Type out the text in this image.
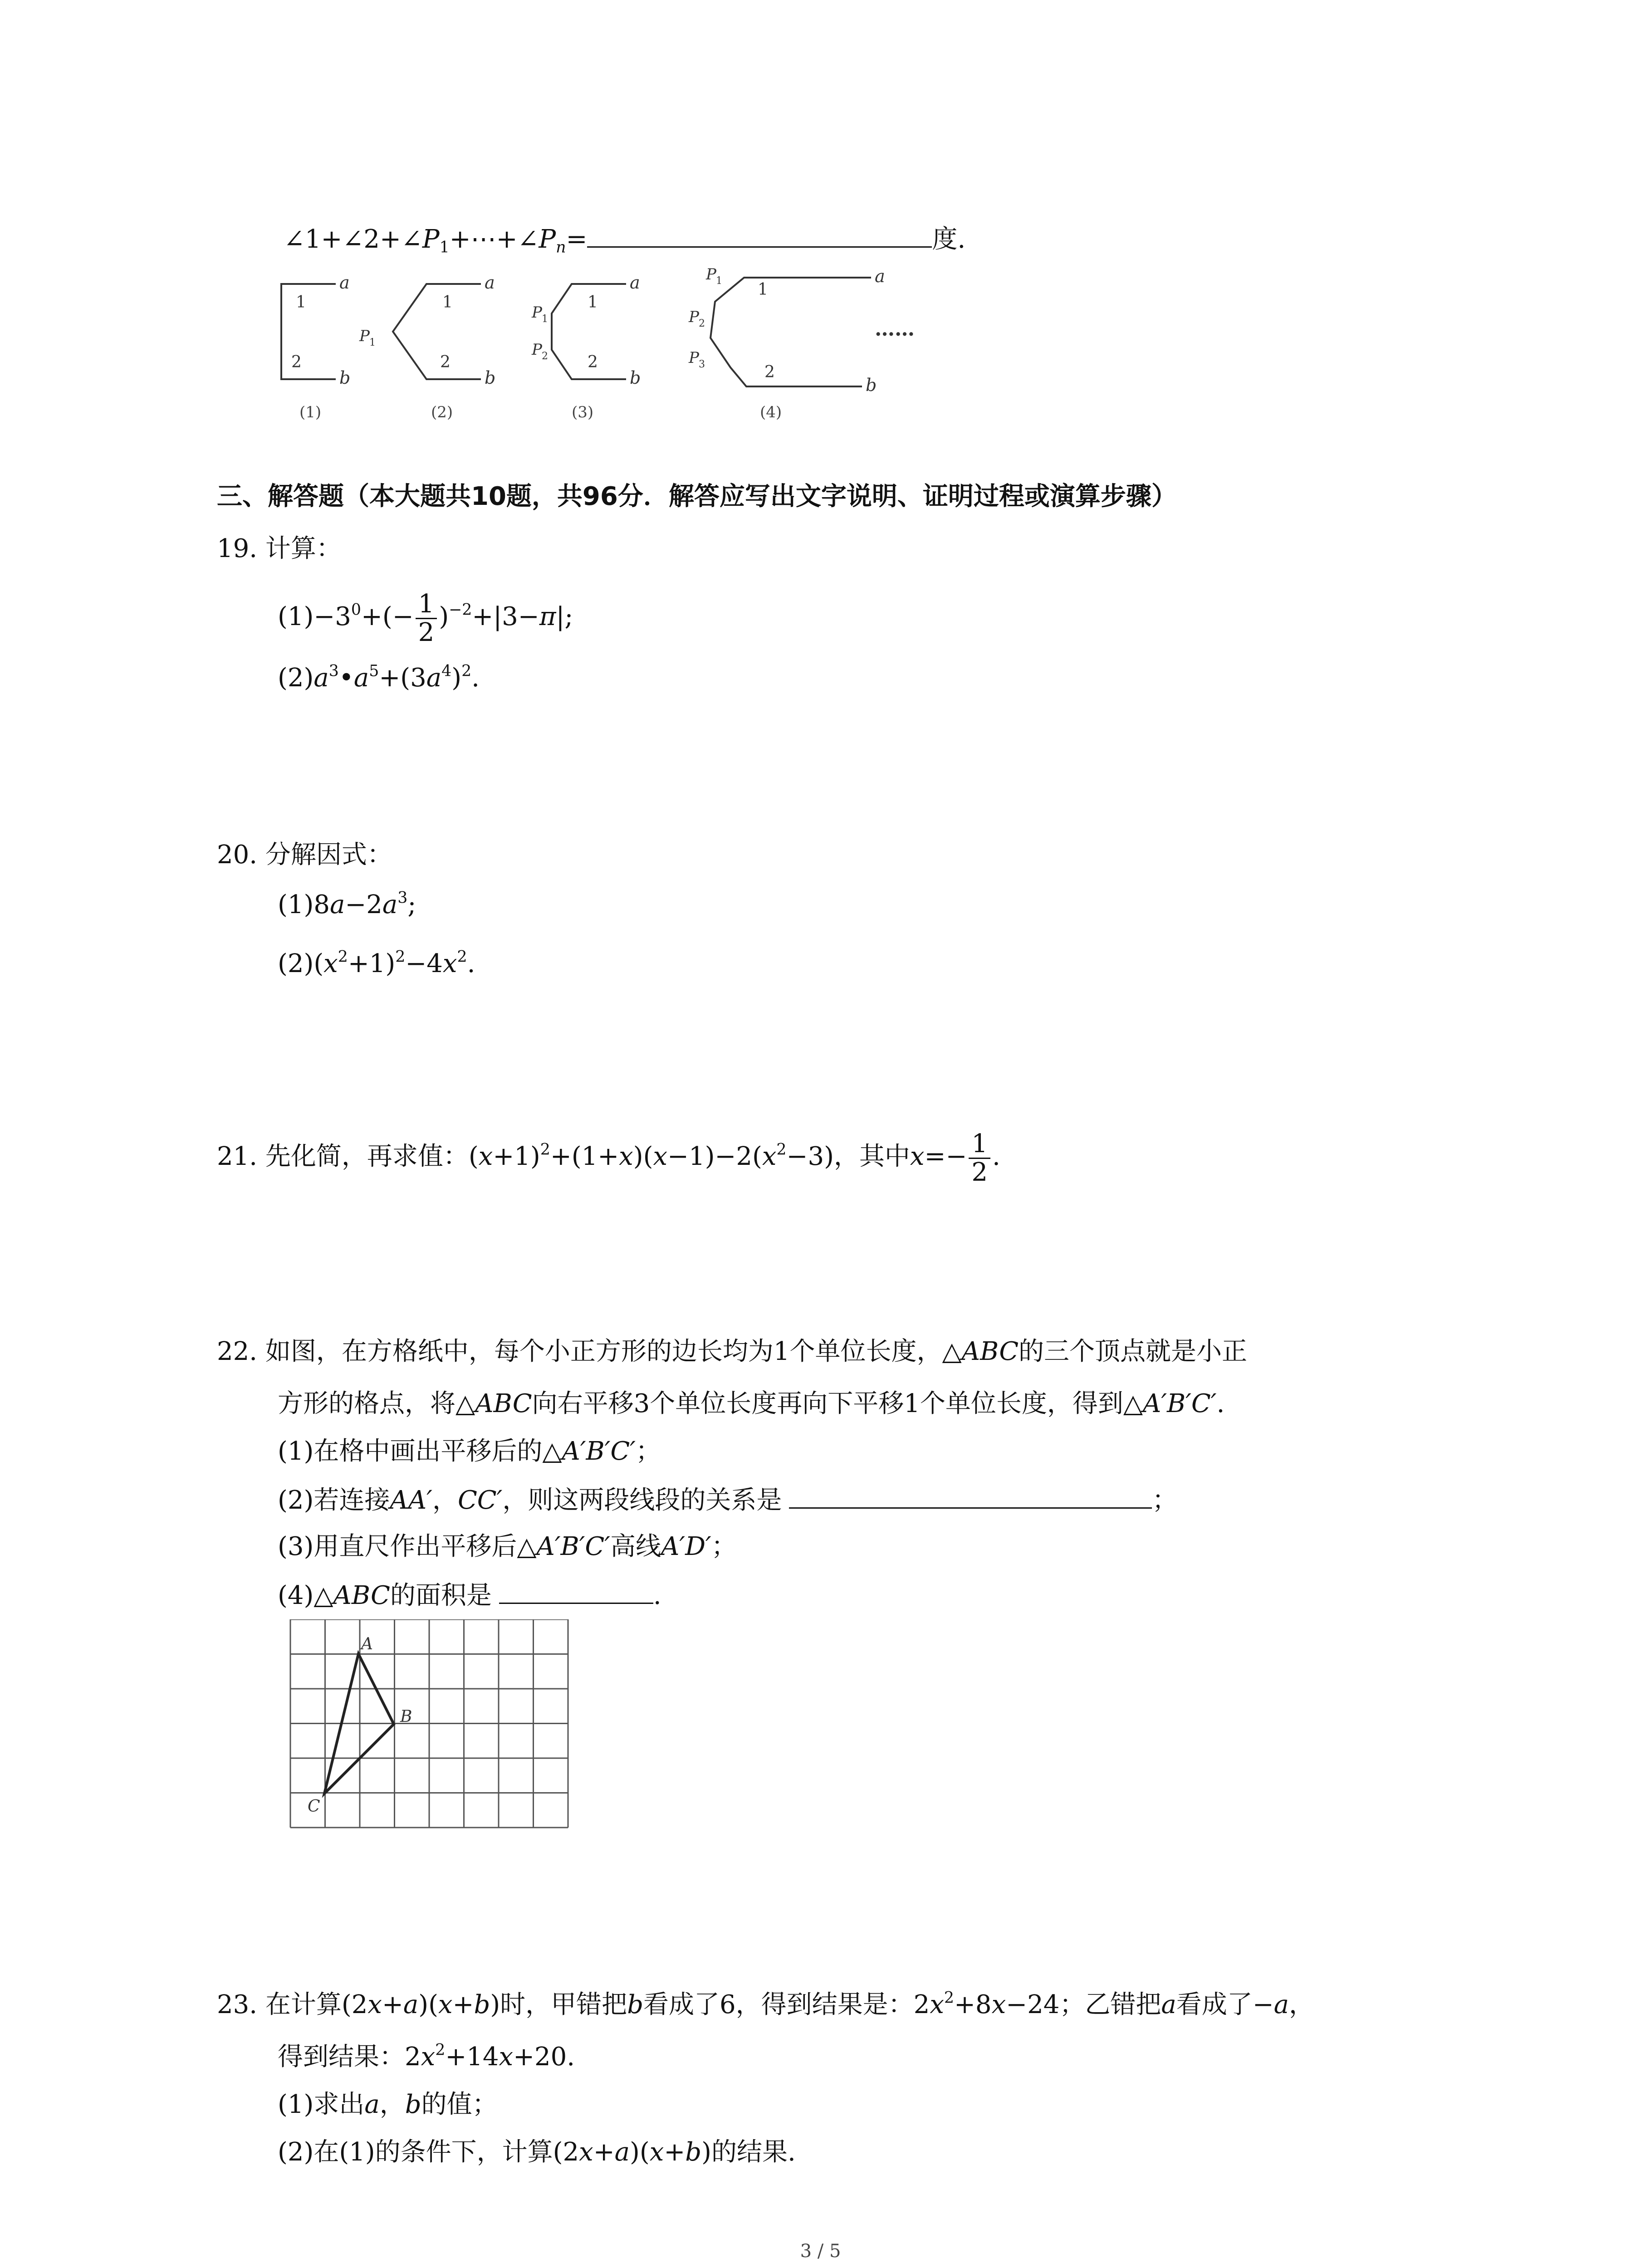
$\angle 1+\angle 2+\angle P_1+\cdots+\angle P_n=$	度.
a
b
a
b
a
b
a
b
1
2
1
2
1
2
1
2
P 1
P 1
P 2
P 1
P 2
P 3
……
(1)	(2)	(3)	(4)
三、解答题（本大题共10题，共96分．解答应写出文字说明、证明过程或演算步骤）
19. 计算：
$(1)-3^0+(- \frac{1}{2} )^{-2}+|3-\pi|$;
$(2)a^3•a^5+(3a^4)^2$.
20. 分解因式：
$(1)8a-2a^3$;
$(2)(x^2+1)^2-4x^2$.
21. 先化简，再求值：$(x+1)^2+(1+x)(x-1)-2(x^2-3)$，其中$x=- \frac{1}{2}$ .
22. 如图，在方格纸中，每个小正方形的边长均为1个单位长度，△ABC的三个顶点就是小正
方形的格点，将△ABC向右平移3个单位长度再向下平移1个单位长度，得到△A′B′C′.
(1)在格中画出平移后的△A′B′C′；
(2)若连接AA′，CC′，则这两段线段的关系是	；
(3)用直尺作出平移后△A′B′C′高线A′D′；
(4)△ABC的面积是	.
A
B
C
23. 在计算(2x+a)(x+b)时，甲错把b看成了6，得到结果是：$2x^2+8x-24$；乙错把a看成了−a，
得到结果：$2x^2+14x+20$.
(1)求出a，b的值；
(2)在(1)的条件下，计算(2x+a)(x+b)的结果.
3 / 5
